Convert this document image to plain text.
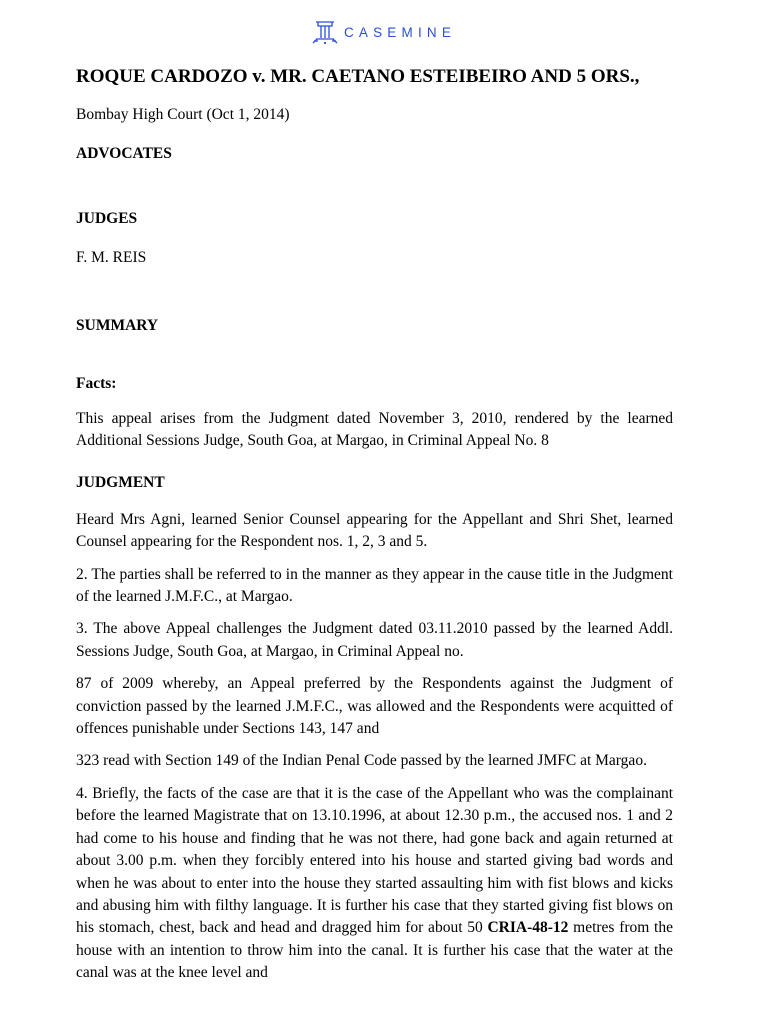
CASEMINE
ROQUE CARDOZO v. MR. CAETANO ESTEIBEIRO AND 5 ORS.,
Bombay High Court (Oct 1, 2014)
ADVOCATES
JUDGES
F. M. REIS
SUMMARY
Facts:

This appeal arises from the Judgment dated November 3, 2010, rendered by the learned Additional Sessions Judge, South Goa, at Margao, in Criminal Appeal No. 8

JUDGMENT

Heard Mrs Agni, learned Senior Counsel appearing for the Appellant and Shri Shet, learned Counsel appearing for the Respondent nos. 1, 2, 3 and 5.

2. The parties shall be referred to in the manner as they appear in the cause title in the Judgment of the learned J.M.F.C., at Margao.

3. The above Appeal challenges the Judgment dated 03.11.2010 passed by the learned Addl. Sessions Judge, South Goa, at Margao, in Criminal Appeal no.

87 of 2009 whereby, an Appeal preferred by the Respondents against the Judgment of conviction passed by the learned J.M.F.C., was allowed and the Respondents were acquitted of offences punishable under Sections 143, 147 and

323 read with Section 149 of the Indian Penal Code passed by the learned JMFC at Margao.

4. Briefly, the facts of the case are that it is the case of the Appellant who was the complainant before the learned Magistrate that on 13.10.1996, at about 12.30 p.m., the accused nos. 1 and 2 had come to his house and finding that he was not there, had gone back and again returned at about 3.00 p.m. when they forcibly entered into his house and started giving bad words and when he was about to enter into the house they started assaulting him with fist blows and kicks and abusing him with filthy language. It is further his case that they started giving fist blows on his stomach, chest, back and head and dragged him for about 50 CRIA-48-12 metres from the house with an intention to throw him into the canal. It is further his case that the water at the canal was at the knee level and
